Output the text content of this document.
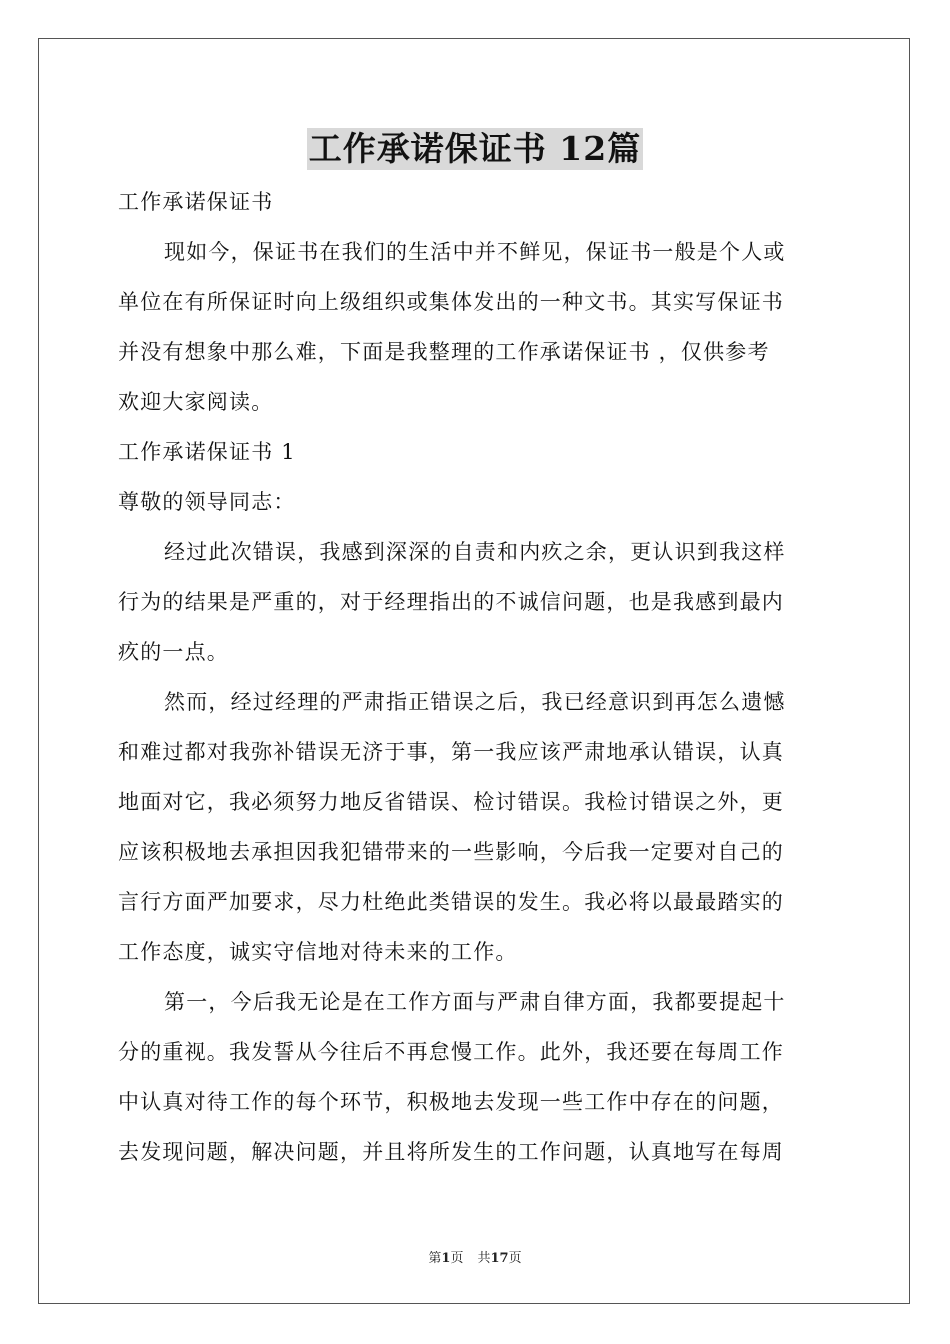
工作承诺保证书 12篇
工作承诺保证书
现如今，保证书在我们的生活中并不鲜见，保证书一般是个人或
单位在有所保证时向上级组织或集体发出的一种文书。其实写保证书
并没有想象中那么难，下面是我整理的工作承诺保证书 ，仅供参考
欢迎大家阅读。
工作承诺保证书 1
尊敬的领导同志：
经过此次错误，我感到深深的自责和内疚之余，更认识到我这样
行为的结果是严重的，对于经理指出的不诚信问题，也是我感到最内
疚的一点。
然而，经过经理的严肃指正错误之后，我已经意识到再怎么遗憾
和难过都对我弥补错误无济于事，第一我应该严肃地承认错误，认真
地面对它，我必须努力地反省错误、检讨错误。我检讨错误之外，更
应该积极地去承担因我犯错带来的一些影响，今后我一定要对自己的
言行方面严加要求，尽力杜绝此类错误的发生。我必将以最最踏实的
工作态度，诚实守信地对待未来的工作。
第一，今后我无论是在工作方面与严肃自律方面，我都要提起十
分的重视。我发誓从今往后不再怠慢工作。此外，我还要在每周工作
中认真对待工作的每个环节，积极地去发现一些工作中存在的问题，
去发现问题，解决问题，并且将所发生的工作问题，认真地写在每周
第1页 共17页
